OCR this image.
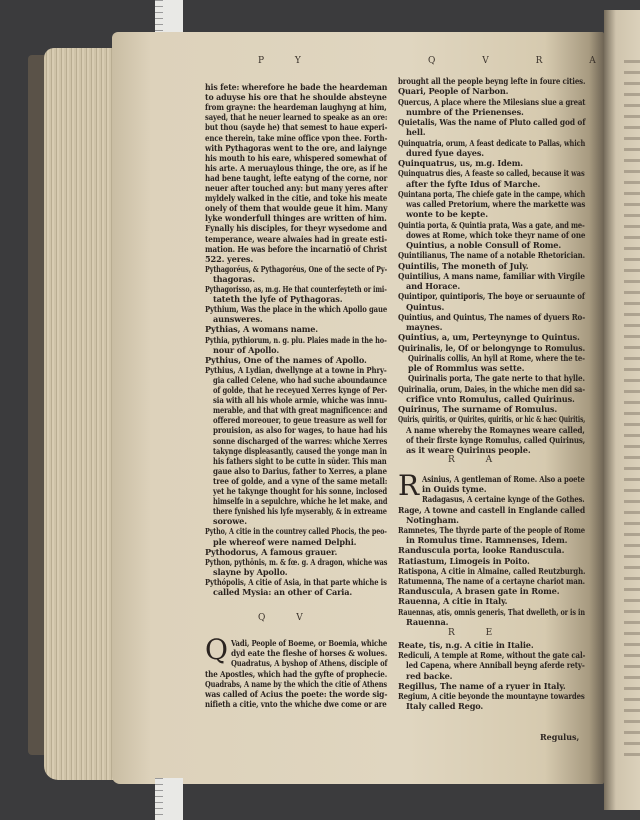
P Y	Q V R A
his fete: wherefore he bade the heardeman
to aduyse his ore that he shoulde absteyne
from grayne: the heardeman laughyng at him,
sayed, that he neuer learned to speake as an ore:
but thou (sayde he) that semest to haue experi-
ence therein, take mine office vpon thee. Forth-
with Pythagoras went to the ore, and laiynge
his mouth to his eare, whispered somewhat of
his arte. A meruaylous thinge, the ore, as if he
had bene taught, lefte eatyng of the corne, nor
neuer after touched any: but many yeres after
myldely walked in the citie, and toke his meate
onely of them that woulde geue it him. Many
lyke wonderfull thinges are written of him.
Fynally his disciples, for theyr wysedome and
temperance, weare alwaies had in greate esti-
mation. He was before the incarnatiō of Christ
522. yeres.
Pythagoréus, & Pythagoréus, One of the secte of Py-
thagoras.
Pythagorisso, as, m.g. He that counterfeyteth or imi-
tateth the lyfe of Pythagoras.
Pythium, Was the place in the which Apollo gaue
aunsweres.
Pythias, A womans name.
Pythia, pythiorum, n. g. plu. Plaies made in the ho-
nour of Apollo.
Pythius, One of the names of Apollo.
Pythius, A Lydian, dwellynge at a towne in Phry-
gia called Celene, who had suche aboundaunce
of golde, that he receyued Xerres kynge of Per-
sia with all his whole armie, whiche was innu-
merable, and that with great magnificence: and
offered moreouer, to geue treasure as well for
prouision, as also for wages, to haue had his
sonne discharged of the warres: whiche Xerres
takynge displeasantly, caused the yonge man in
his fathers sight to be cutte in sūder. This man
gaue also to Darius, father to Xerres, a plane
tree of golde, and a vyne of the same metall:
yet he takynge thought for his sonne, inclosed
himselfe in a sepulchre, whiche he let make, and
there fynished his lyfe myserably, & in extreame
sorowe.
Pytho, A citie in the countrey called Phocis, the peo-
ple whereof were named Delphi.
Pythodorus, A famous grauer.
Python, pythōnis, m. & fœ. g. A dragon, whiche was
slayne by Apollo.
Pythópolis, A citie of Asia, in that parte whiche is
called Mysia: an other of Caria.
Q V
Q Vadi, People of Boeme, or Boemia, whiche
dyd eate the fleshe of horses & wolues.
Quadratus, A byshop of Athens, disciple of
the Apostles, which had the gyfte of prophecie.
Quadrabs, A name by the which the citie of Athens
was called of Acius the poete: the worde sig-
nifieth a citie, vnto the whiche dwe come or are
brought all the people beyng lefte in foure cities.
Quari, People of Narbon.
Quercus, A place where the Milesians slue a great
numbre of the Prienenses.
Quietalis, Was the name of Pluto called god of
hell.
Quinquatria, orum, A feast dedicate to Pallas, which
dured fyue dayes.
Quinquatrus, us, m.g. Idem.
Quinquatrus dies, A feaste so called, because it was
after the fyfte Idus of Marche.
Quintana porta, The chiefe gate in the campe, which
was called Pretorium, where the markette was
wonte to be kepte.
Quintia porta, & Quintia prata, Was a gate, and me-
dowes at Rome, which toke theyr name of one
Quintius, a noble Consull of Rome.
Quintilianus, The name of a notable Rhetorician.
Quintilis, The moneth of July.
Quintilius, A mans name, familiar with Virgile
and Horace.
Quintipor, quintiporis, The boye or seruaunte of
Quintus.
Quintius, and Quintus, The names of dyuers Ro-
maynes.
Quintius, a, um, Perteynynge to Quintus.
Quirinalis, le, Of or belongynge to Romulus.
Quirinalis collis, An hyll at Rome, where the te-
ple of Rommlus was sette.
Quirinalis porta, The gate nerte to that hylle.
Quirinalia, orum, Daies, in the whiche men did sa-
crifice vnto Romulus, called Quirinus.
Quirinus, The surname of Romulus.
Quiris, quiritis, or Quirites, quiritis, or hic & hæc Quiritis,
A name whereby the Romaynes weare called,
of their firste kynge Romulus, called Quirinus,
as it weare Quirinus people.
R A
R Asinius, A gentleman of Rome. Also a poete
in Ouids tyme.
Radagasus, A certaine kynge of the Gothes.
Rage, A towne and castell in Englande called
Notingham.
Ramnetes, The thyrde parte of the people of Rome
in Romulus time. Ramnenses, Idem.
Randuscula porta, looke Randuscula.
Ratiastum, Limogeis in Poito.
Ratispona, A citie in Almaine, called Reutzburgh.
Ratumenna, The name of a certayne chariot man.
Randuscula, A brasen gate in Rome.
Rauenna, A citie in Italy.
Rauennas, atis, omnis generis, That dwelleth, or is in
Rauenna.
R E
Reate, tis, n.g. A citie in Italie.
Rediculi, A temple at Rome, without the gate cal-
led Capena, where Anniball beyng aferde rety-
red backe.
Regillus, The name of a ryuer in Italy.
Regium, A citie beyonde the mountayne towardes
Italy called Rego.
Regulus,
